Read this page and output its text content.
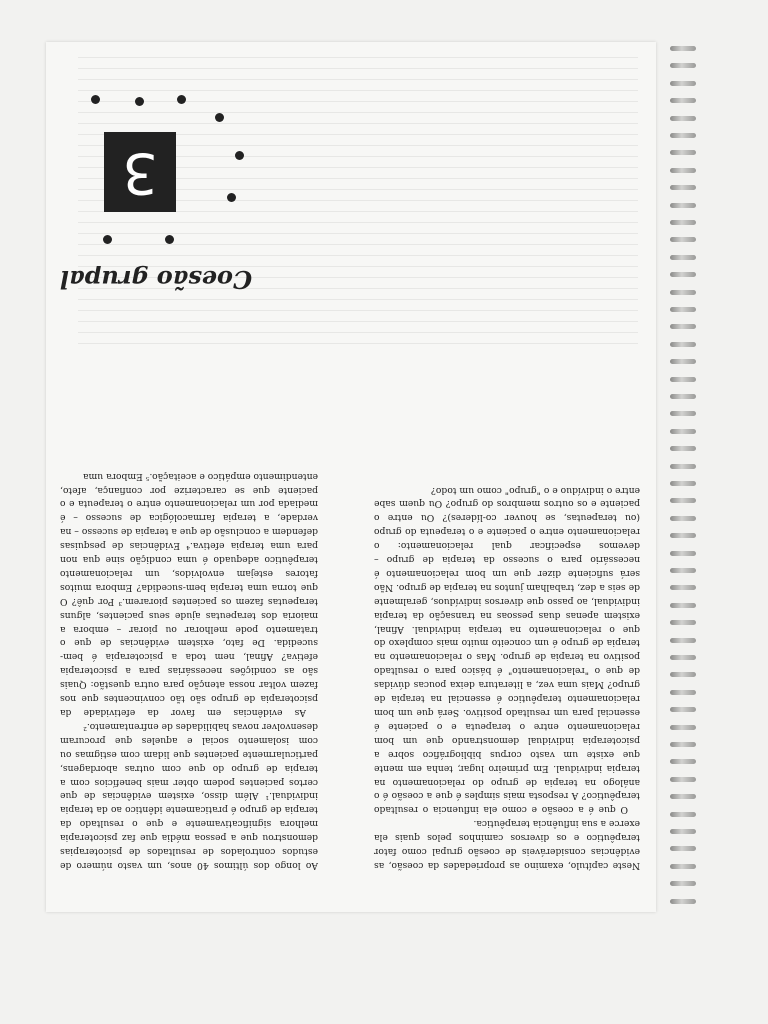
Neste capítulo, examino as propriedades da coesão, as evidências consideráveis de coesão grupal como fator terapêutico e os diversos caminhos pelos quais ela exerce a sua influência terapêutica.

O que é a coesão e como ela influencia o resultado terapêutico? A resposta mais simples é que a coesão é o análogo na terapia de grupo do relacionamento na terapia individual. Em primeiro lugar, tenha em mente que existe um vasto corpus bibliográfico sobre a psicoterapia individual demonstrando que um bom relacionamento entre o terapeuta e o paciente é essencial para um resultado positivo. Será que um bom relacionamento terapêutico é essencial na terapia de grupo? Mais uma vez, a literatura deixa poucas dúvidas de que o "relacionamento" é básico para o resultado positivo na terapia de grupo. Mas o relacionamento na terapia de grupo é um conceito muito mais complexo do que o relacionamento na terapia individual. Afinal, existem apenas duas pessoas na transação da terapia individual, ao passo que diversos indivíduos, geralmente de seis a dez, trabalham juntos na terapia de grupo. Não será suficiente dizer que um bom relacionamento é necessário para o sucesso da terapia de grupo – devemos especificar qual relacionamento: o relacionamento entre o paciente e o terapeuta do grupo (ou terapeutas, se houver co-líderes)? Ou entre o paciente e os outros membros do grupo? Ou quem sabe entre o indivíduo e o "grupo" como um todo?

Ao longo dos últimos 40 anos, um vasto número de estudos controlados de resultados de psicoterapias demonstrou que a pessoa média que faz psicoterapia melhora significativamente e que o resultado da terapia de grupo é praticamente idêntico ao da terapia individual.¹ Além disso, existem evidências de que certos pacientes podem obter mais benefícios com a terapia de grupo do que com outras abordagens, particularmente pacientes que lidam com estigmas ou com isolamento social e aqueles que procuram desenvolver novas habilidades de enfrentamento.²

As evidências em favor da efetividade da psicoterapia de grupo são tão convincentes que nos fazem voltar nossa atenção para outra questão: Quais são as condições necessárias para a psicoterapia efetiva? Afinal, nem toda a psicoterapia é bem-sucedida. De fato, existem evidências de que o tratamento pode melhorar ou piorar – embora a maioria dos terapeutas ajude seus pacientes, alguns terapeutas fazem os pacientes piorarem.³ Por quê? O que torna uma terapia bem-sucedida? Embora muitos fatores estejam envolvidos, um relacionamento terapêutico adequado é uma condição sine qua non para uma terapia efetiva.⁴ Evidências de pesquisas defendem a conclusão de que a terapia de sucesso – na verdade, a terapia farmacológica de sucesso – é mediada por um relacionamento entre o terapeuta e o paciente que se caracterize por confiança, afeto, entendimento empático e aceitação.⁵ Embora uma

Coesão grupal
3
